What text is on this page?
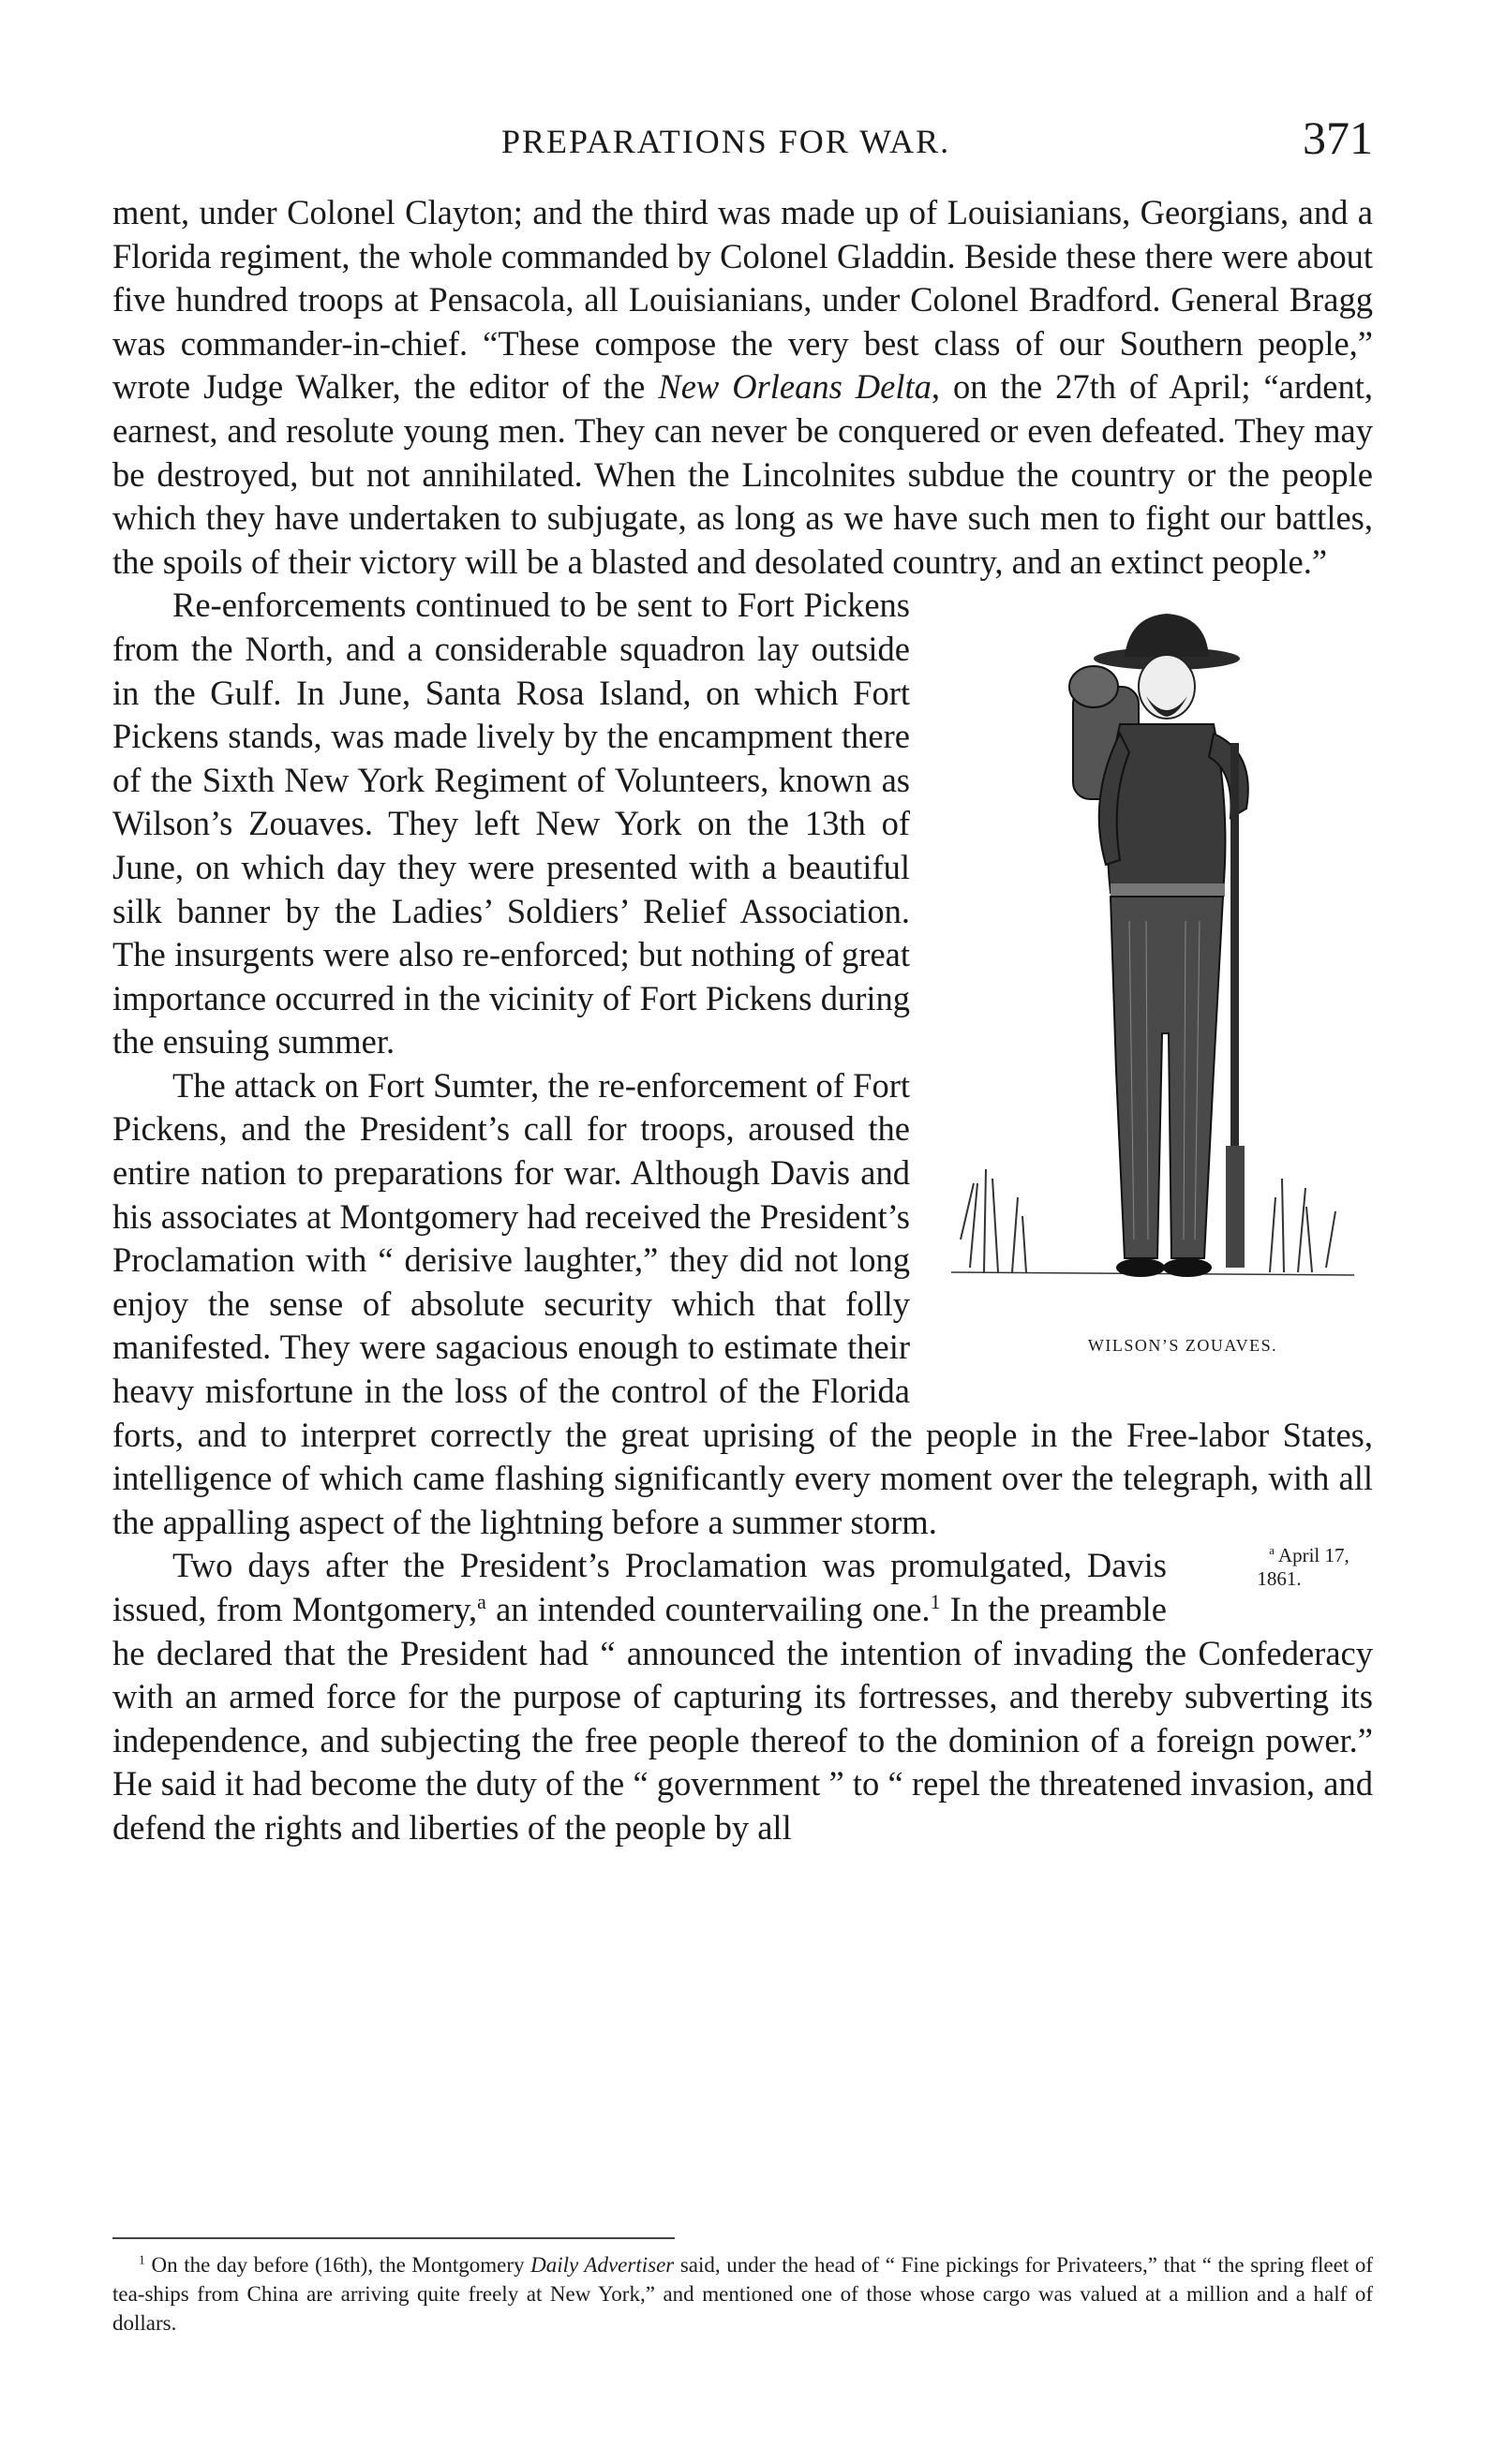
PREPARATIONS FOR WAR.	371

ment, under Colonel Clayton; and the third was made up of Louisianians, Georgians, and a Florida regiment, the whole commanded by Colonel Gladdin. Beside these there were about five hundred troops at Pensacola, all Louisianians, under Colonel Bradford. General Bragg was commander-in-chief. “These compose the very best class of our Southern people,” wrote Judge Walker, the editor of the New Orleans Delta, on the 27th of April; “ardent, earnest, and resolute young men. They can never be conquered or even defeated. They may be destroyed, but not annihilated. When the Lincolnites subdue the country or the people which they have undertaken to subjugate, as long as we have such men to fight our battles, the spoils of their victory will be a blasted and desolated country, and an extinct people.”

WILSON’S ZOUAVES.
Re-enforcements continued to be sent to Fort Pickens from the North, and a considerable squadron lay outside in the Gulf. In June, Santa Rosa Island, on which Fort Pickens stands, was made lively by the encampment there of the Sixth New York Regiment of Volunteers, known as Wilson’s Zouaves. They left New York on the 13th of June, on which day they were presented with a beautiful silk banner by the Ladies’ Soldiers’ Relief Association. The insurgents were also re-enforced; but nothing of great importance occurred in the vicinity of Fort Pickens during the ensuing summer.

The attack on Fort Sumter, the re-enforcement of Fort Pickens, and the President’s call for troops, aroused the entire nation to preparations for war. Although Davis and his associates at Montgomery had received the President’s Proclamation with “ derisive laughter,” they did not long enjoy the sense of absolute security which that folly manifested. They were sagacious enough to estimate their heavy misfortune in the loss of the control of the Florida forts, and to interpret correctly the great uprising of the people in the Free-labor States, intelligence of which came flashing significantly every moment over the telegraph, with all the appalling aspect of the lightning before a summer storm.

$^a$ April 17,
1861.
Two days after the President’s Proclamation was promulgated, Davis issued, from Montgomery,$^a$ an intended countervailing one.$^1$ In the preamble he declared that the President had “ announced the intention of invading the Confederacy with an armed force for the purpose of capturing its fortresses, and thereby subverting its independence, and subjecting the free people thereof to the dominion of a foreign power.” He said it had become the duty of the “ government ” to “ repel the threatened invasion, and defend the rights and liberties of the people by all

$^1$ On the day before (16th), the Montgomery Daily Advertiser said, under the head of “ Fine pickings for Privateers,” that “ the spring fleet of tea-ships from China are arriving quite freely at New York,” and mentioned one of those whose cargo was valued at a million and a half of dollars.
